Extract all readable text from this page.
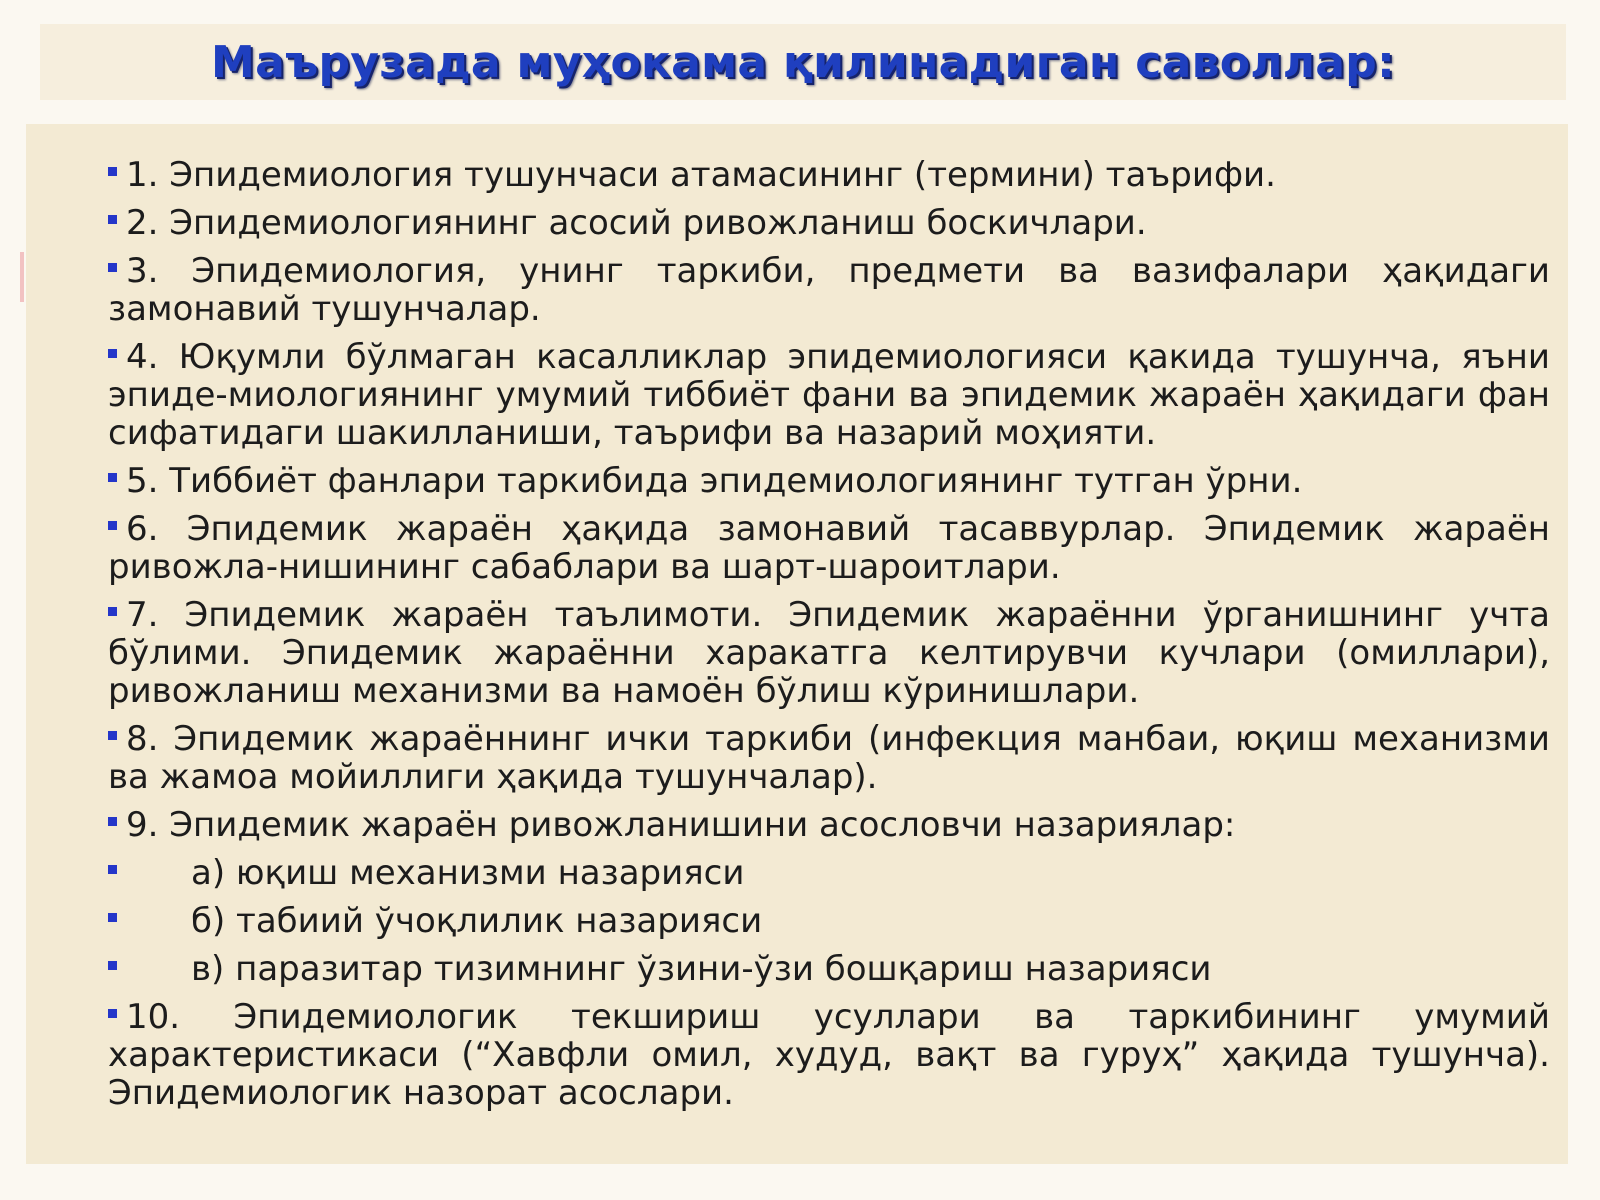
Маърузада муҳокама қилинадиган саволлар:
1. Эпидемиология тушунчаси атамасининг (термини) таърифи.
2. Эпидемиологиянинг асосий ривожланиш боскичлари.
3. Эпидемиология, унинг таркиби, предмети ва вазифалари ҳақидаги замонавий тушунчалар.
4. Юқумли бўлмаган касалликлар эпидемиологияси қакида тушунча, яъни эпиде-миологиянинг умумий тиббиёт фани ва эпидемик жараён ҳақидаги фан сифатидаги шакилланиши, таърифи ва назарий моҳияти.
5. Тиббиёт фанлари таркибида эпидемиологиянинг тутган ўрни.
6. Эпидемик жараён ҳақида замонавий тасаввурлар. Эпидемик жараён ривожла-нишининг сабаблари ва шарт-шароитлари.
7. Эпидемик жараён таълимоти. Эпидемик жараённи ўрганишнинг учта бўлими. Эпидемик жараённи харакатга келтирувчи кучлари (омиллари), ривожланиш механизми ва намоён бўлиш кўринишлари.
8. Эпидемик жараённинг ички таркиби (инфекция манбаи, юқиш механизми ва жамоа мойиллиги ҳақида тушунчалар).
9. Эпидемик жараён ривожланишини асословчи назариялар:
а) юқиш механизми назарияси
б) табиий ўчоқлилик назарияси
в) паразитар тизимнинг ўзини-ўзи бошқариш назарияси
10. Эпидемиологик текшириш усуллари ва таркибининг умумий характеристикаси (“Хавфли омил, худуд, вақт ва гуруҳ” ҳақида тушунча). Эпидемиологик назорат асослари.
